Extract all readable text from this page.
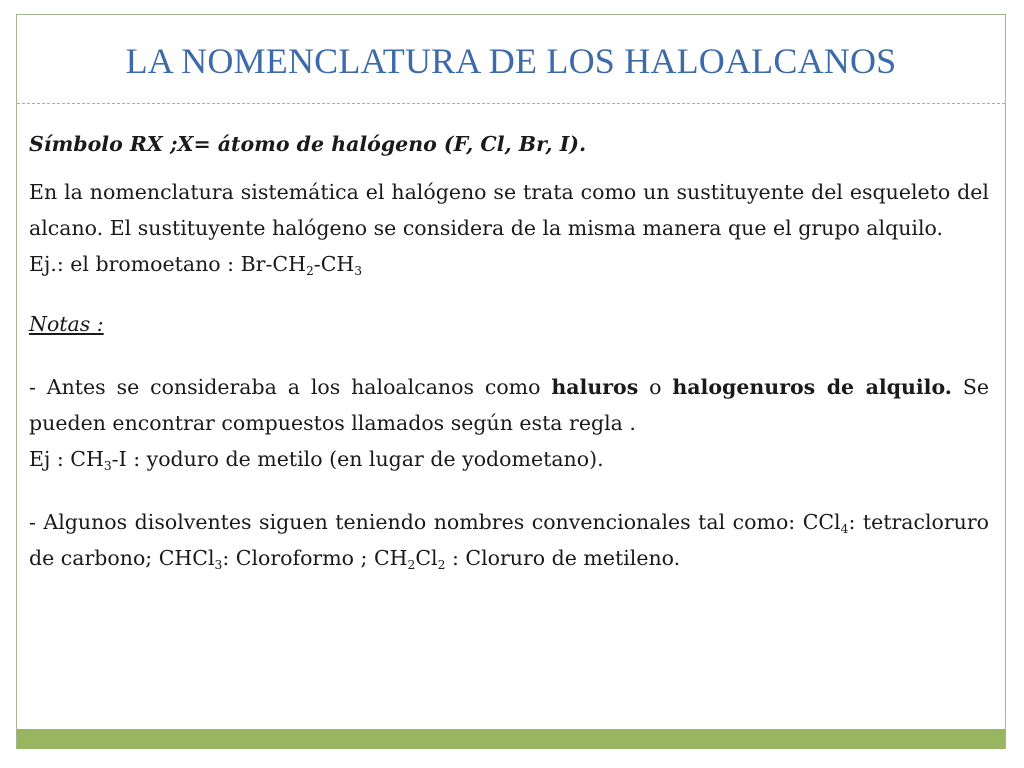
LA NOMENCLATURA DE LOS HALOALCANOS

Símbolo RX ;X= átomo de halógeno (F, Cl, Br, I).

En la nomenclatura sistemática el halógeno se trata como un sustituyente del esqueleto del alcano. El sustituyente halógeno se considera de la misma manera que el grupo alquilo.

Ej.: el bromoetano : $Br-CH_2-CH_3$

Notas :

- Antes se consideraba a los haloalcanos como haluros o halogenuros de alquilo. Se pueden encontrar compuestos llamados según esta regla .

Ej : $CH_3-I$ : yoduro de metilo (en lugar de yodometano).

- Algunos disolventes siguen teniendo nombres convencionales tal como: CCl$_4$: tetracloruro de carbono; CHCl$_3$: Cloroformo ; $CH_2Cl_2$ : Cloruro de metileno.
